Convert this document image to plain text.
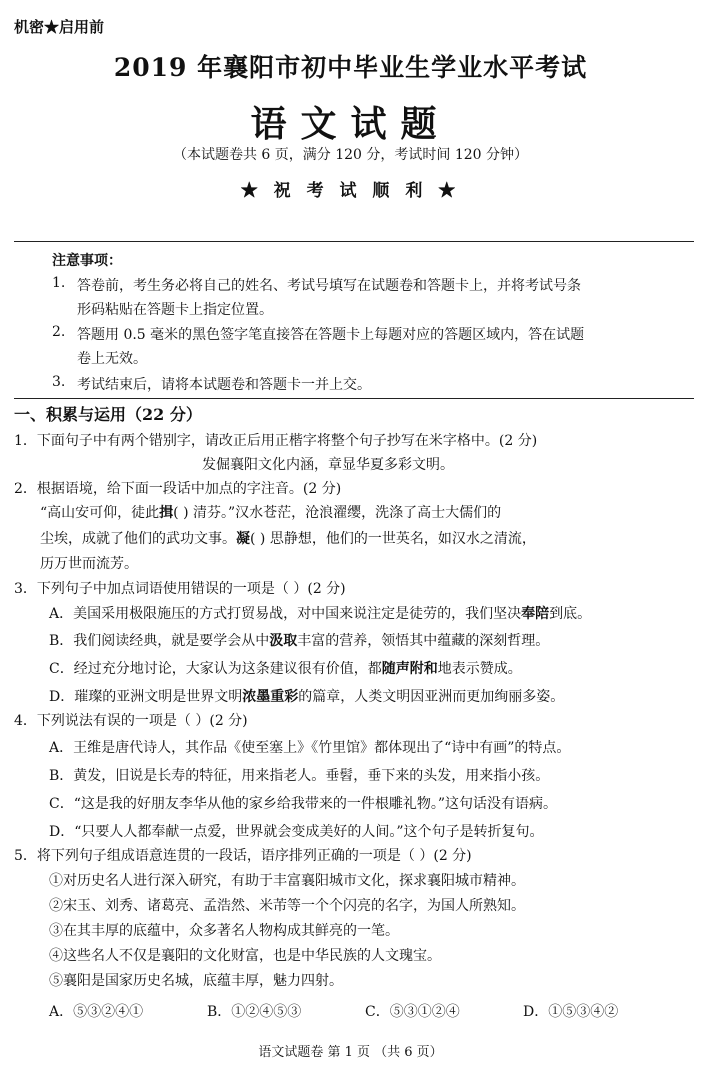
机密★启用前
2019 年襄阳市初中毕业生学业水平考试
语文试题
（本试题卷共 6 页，满分 120 分，考试时间 120 分钟）
★ 祝 考 试 顺 利 ★
注意事项：
1. 答卷前，考生务必将自己的姓名、考试号填写在试题卷和答题卡上，并将考试号条
形码粘贴在答题卡上指定位置。
2. 答题用 0.5 毫米的黑色签字笔直接答在答题卡上每题对应的答题区域内，答在试题
卷上无效。
3. 考试结束后，请将本试题卷和答题卡一并上交。
一、积累与运用（22 分）
1．下面句子中有两个错别字，请改正后用正楷字将整个句子抄写在米字格中。(2 分)
发倔襄阳文化内涵，章显华夏多彩文明。
2．根据语境，给下面一段话中加点的字注音。(2 分)
“高山安可仰，徒此揖( ) 清芬。”汉水苍茫，沧浪濯缨，洗涤了高士大儒们的
尘埃，成就了他们的武功文事。凝( ) 思静想，他们的一世英名，如汉水之清流，
历万世而流芳。
3．下列句子中加点词语使用错误的一项是（ ）(2 分)
A．美国采用极限施压的方式打贸易战，对中国来说注定是徒劳的，我们坚决奉陪到底。
B．我们阅读经典，就是要学会从中汲取丰富的营养，领悟其中蕴藏的深刻哲理。
C．经过充分地讨论，大家认为这条建议很有价值，都随声附和地表示赞成。
D．璀璨的亚洲文明是世界文明浓墨重彩的篇章，人类文明因亚洲而更加绚丽多姿。
4．下列说法有误的一项是（ ）(2 分)
A．王维是唐代诗人，其作品《使至塞上》《竹里馆》都体现出了“诗中有画”的特点。
B．黄发，旧说是长寿的特征，用来指老人。垂髫，垂下来的头发，用来指小孩。
C．“这是我的好朋友李华从他的家乡给我带来的一件根雕礼物。”这句话没有语病。
D．“只要人人都奉献一点爱，世界就会变成美好的人间。”这个句子是转折复句。
5．将下列句子组成语意连贯的一段话，语序排列正确的一项是（ ）(2 分)
①对历史名人进行深入研究，有助于丰富襄阳城市文化，探求襄阳城市精神。
②宋玉、刘秀、诸葛亮、孟浩然、米芾等一个个闪亮的名字，为国人所熟知。
③在其丰厚的底蕴中，众多著名人物构成其鲜亮的一笔。
④这些名人不仅是襄阳的文化财富，也是中华民族的人文瑰宝。
⑤襄阳是国家历史名城，底蕴丰厚，魅力四射。
A．⑤③②④①	B．①②④⑤③	C．⑤③①②④	D．①⑤③④②
语文试题卷 第 1 页 （共 6 页）
